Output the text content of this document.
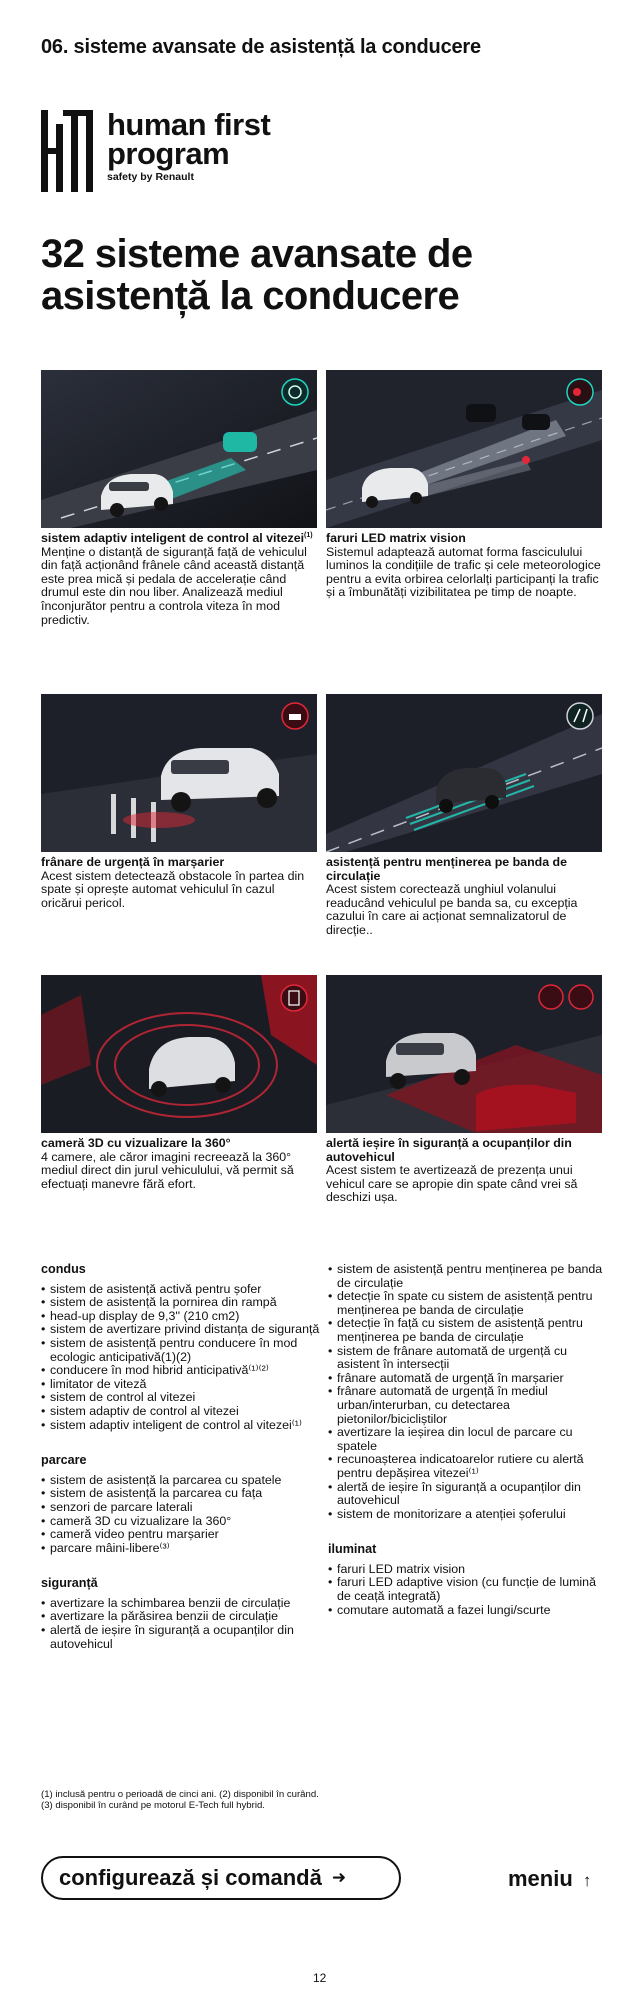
06. sisteme avansate de asistență la conducere
human first
program
safety by Renault
32 sisteme avansate de asistență la conducere
sistem adaptiv inteligent de control al vitezei$^{(1)}$
Menține o distanță de siguranță față de vehiculul din față acționând frânele când această distanță este prea mică și pedala de accelerație când drumul este din nou liber. Analizează mediul înconjurător pentru a controla viteza în mod predictiv.
faruri LED matrix vision
Sistemul adaptează automat forma fasciculului luminos la condițiile de trafic și cele meteorologice pentru a evita orbirea celorlalți participanți la trafic și a îmbunătăți vizibilitatea pe timp de noapte.
frânare de urgență în marșarier
Acest sistem detectează obstacole în partea din spate și oprește automat vehiculul în cazul oricărui pericol.
asistență pentru menținerea pe banda de circulație
Acest sistem corectează unghiul volanului readucând vehiculul pe banda sa, cu excepția cazului în care ai acționat semnalizatorul de direcție..
cameră 3D cu vizualizare la 360°
4 camere, ale căror imagini recreează la 360° mediul direct din jurul vehiculului, vă permit să efectuați manevre fără efort.
alertă ieșire în siguranță a ocupanților din autovehicul
Acest sistem te avertizează de prezența unui vehicul care se apropie din spate când vrei să deschizi ușa.
condus
• sistem de asistență activă pentru șofer
• sistem de asistență la pornirea din rampă
• head-up display de 9,3'' (210 cm2)
• sistem de avertizare privind distanța de siguranță
• sistem de asistență pentru conducere în mod ecologic anticipativă(1)(2)
• conducere în mod hibrid anticipativă⁽¹⁾⁽²⁾
• limitator de viteză
• sistem de control al vitezei
• sistem adaptiv de control al vitezei
• sistem adaptiv inteligent de control al vitezei⁽¹⁾
parcare
• sistem de asistență la parcarea cu spatele
• sistem de asistență la parcarea cu fața
• senzori de parcare laterali
• cameră 3D cu vizualizare la 360°
• cameră video pentru marșarier
• parcare mâini-libere⁽³⁾
siguranță
• avertizare la schimbarea benzii de circulație
• avertizare la părăsirea benzii de circulație
• alertă de ieșire în siguranță a ocupanților din autovehicul
• sistem de asistență pentru menținerea pe banda de circulație
• detecție în spate cu sistem de asistență pentru menținerea pe banda de circulație
• detecție în față cu sistem de asistență pentru menținerea pe banda de circulație
• sistem de frânare automată de urgență cu asistent în intersecții
• frânare automată de urgență în marșarier
• frânare automată de urgență în mediul urban/interurban, cu detectarea pietonilor/bicicliștilor
• avertizare la ieșirea din locul de parcare cu spatele
• recunoașterea indicatoarelor rutiere cu alertă pentru depășirea vitezei⁽¹⁾
• alertă de ieșire în siguranță a ocupanților din autovehicul
• sistem de monitorizare a atenției șoferului
iluminat
• faruri LED matrix vision
• faruri LED adaptive vision (cu funcție de lumină de ceață integrată)
• comutare automată a fazei lungi/scurte
(1) inclusă pentru o perioadă de cinci ani. (2) disponibil în curând.
(3) disponibil în curând pe motorul E-Tech full hybrid.
configurează și comandă ➜	meniu ↑
12
